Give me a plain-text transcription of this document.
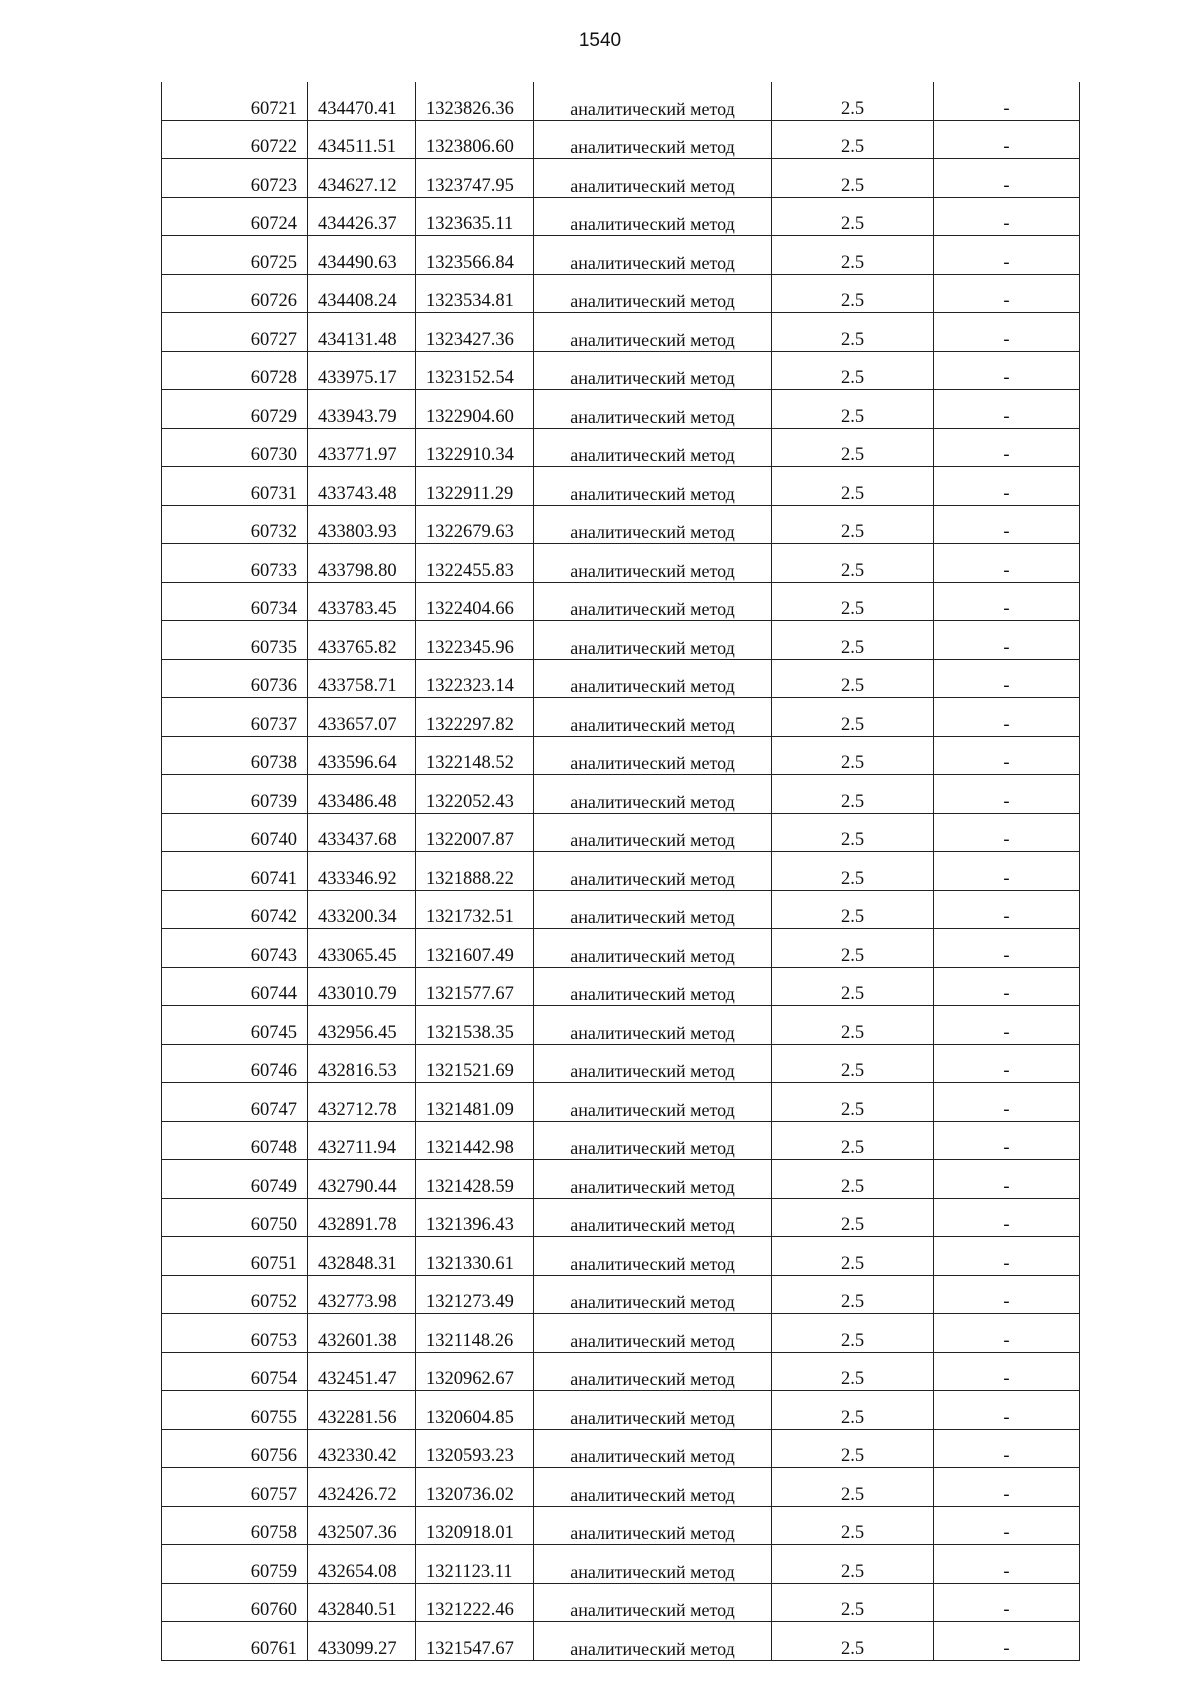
1540
60721	434470.41	1323826.36	аналитический метод	2.5	-
60722	434511.51	1323806.60	аналитический метод	2.5	-
60723	434627.12	1323747.95	аналитический метод	2.5	-
60724	434426.37	1323635.11	аналитический метод	2.5	-
60725	434490.63	1323566.84	аналитический метод	2.5	-
60726	434408.24	1323534.81	аналитический метод	2.5	-
60727	434131.48	1323427.36	аналитический метод	2.5	-
60728	433975.17	1323152.54	аналитический метод	2.5	-
60729	433943.79	1322904.60	аналитический метод	2.5	-
60730	433771.97	1322910.34	аналитический метод	2.5	-
60731	433743.48	1322911.29	аналитический метод	2.5	-
60732	433803.93	1322679.63	аналитический метод	2.5	-
60733	433798.80	1322455.83	аналитический метод	2.5	-
60734	433783.45	1322404.66	аналитический метод	2.5	-
60735	433765.82	1322345.96	аналитический метод	2.5	-
60736	433758.71	1322323.14	аналитический метод	2.5	-
60737	433657.07	1322297.82	аналитический метод	2.5	-
60738	433596.64	1322148.52	аналитический метод	2.5	-
60739	433486.48	1322052.43	аналитический метод	2.5	-
60740	433437.68	1322007.87	аналитический метод	2.5	-
60741	433346.92	1321888.22	аналитический метод	2.5	-
60742	433200.34	1321732.51	аналитический метод	2.5	-
60743	433065.45	1321607.49	аналитический метод	2.5	-
60744	433010.79	1321577.67	аналитический метод	2.5	-
60745	432956.45	1321538.35	аналитический метод	2.5	-
60746	432816.53	1321521.69	аналитический метод	2.5	-
60747	432712.78	1321481.09	аналитический метод	2.5	-
60748	432711.94	1321442.98	аналитический метод	2.5	-
60749	432790.44	1321428.59	аналитический метод	2.5	-
60750	432891.78	1321396.43	аналитический метод	2.5	-
60751	432848.31	1321330.61	аналитический метод	2.5	-
60752	432773.98	1321273.49	аналитический метод	2.5	-
60753	432601.38	1321148.26	аналитический метод	2.5	-
60754	432451.47	1320962.67	аналитический метод	2.5	-
60755	432281.56	1320604.85	аналитический метод	2.5	-
60756	432330.42	1320593.23	аналитический метод	2.5	-
60757	432426.72	1320736.02	аналитический метод	2.5	-
60758	432507.36	1320918.01	аналитический метод	2.5	-
60759	432654.08	1321123.11	аналитический метод	2.5	-
60760	432840.51	1321222.46	аналитический метод	2.5	-
60761	433099.27	1321547.67	аналитический метод	2.5	-
